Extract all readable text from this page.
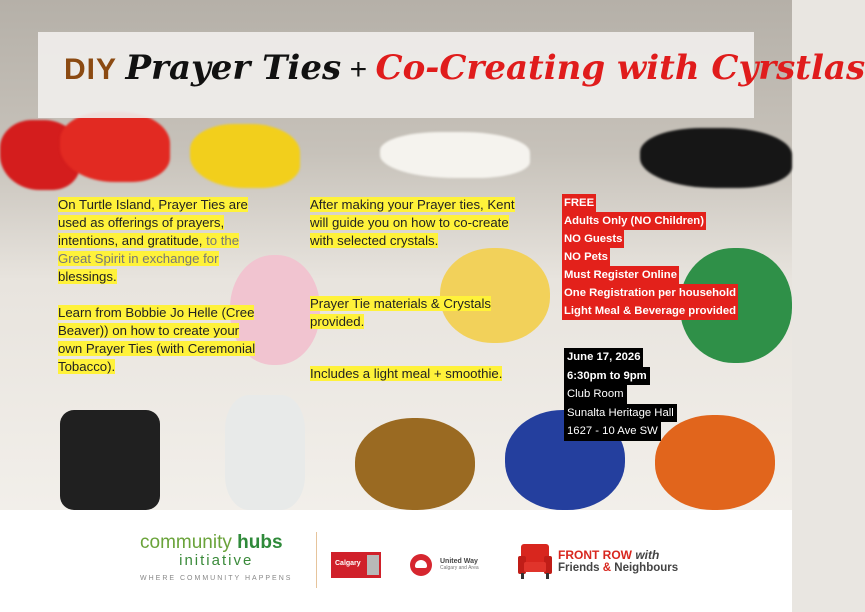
DIY Prayer Ties + Co-Creating with Cyrstlas
On Turtle Island, Prayer Ties are used as offerings of prayers, intentions, and gratitude, to the Great Spirit in exchange for blessings.
Learn from Bobbie Jo Helle (Cree Beaver)) on how to create your own Prayer Ties (with Ceremonial Tobacco).
After making your Prayer ties, Kent will guide you on how to co-create with selected crystals.
Prayer Tie materials & Crystals provided.
Includes a light meal + smoothie.
FREE
Adults Only (NO Children)
NO Guests
NO Pets
Must Register Online
One Registration per household
Light Meal & Beverage provided
June 17, 2026
6:30pm to 9pm
Club Room
Sunalta Heritage Hall
1627 - 10 Ave SW
community hubs
initiative
WHERE COMMUNITY HAPPENS
Calgary	United Way
Calgary and Area
FRONT ROW with
Friends & Neighbours
